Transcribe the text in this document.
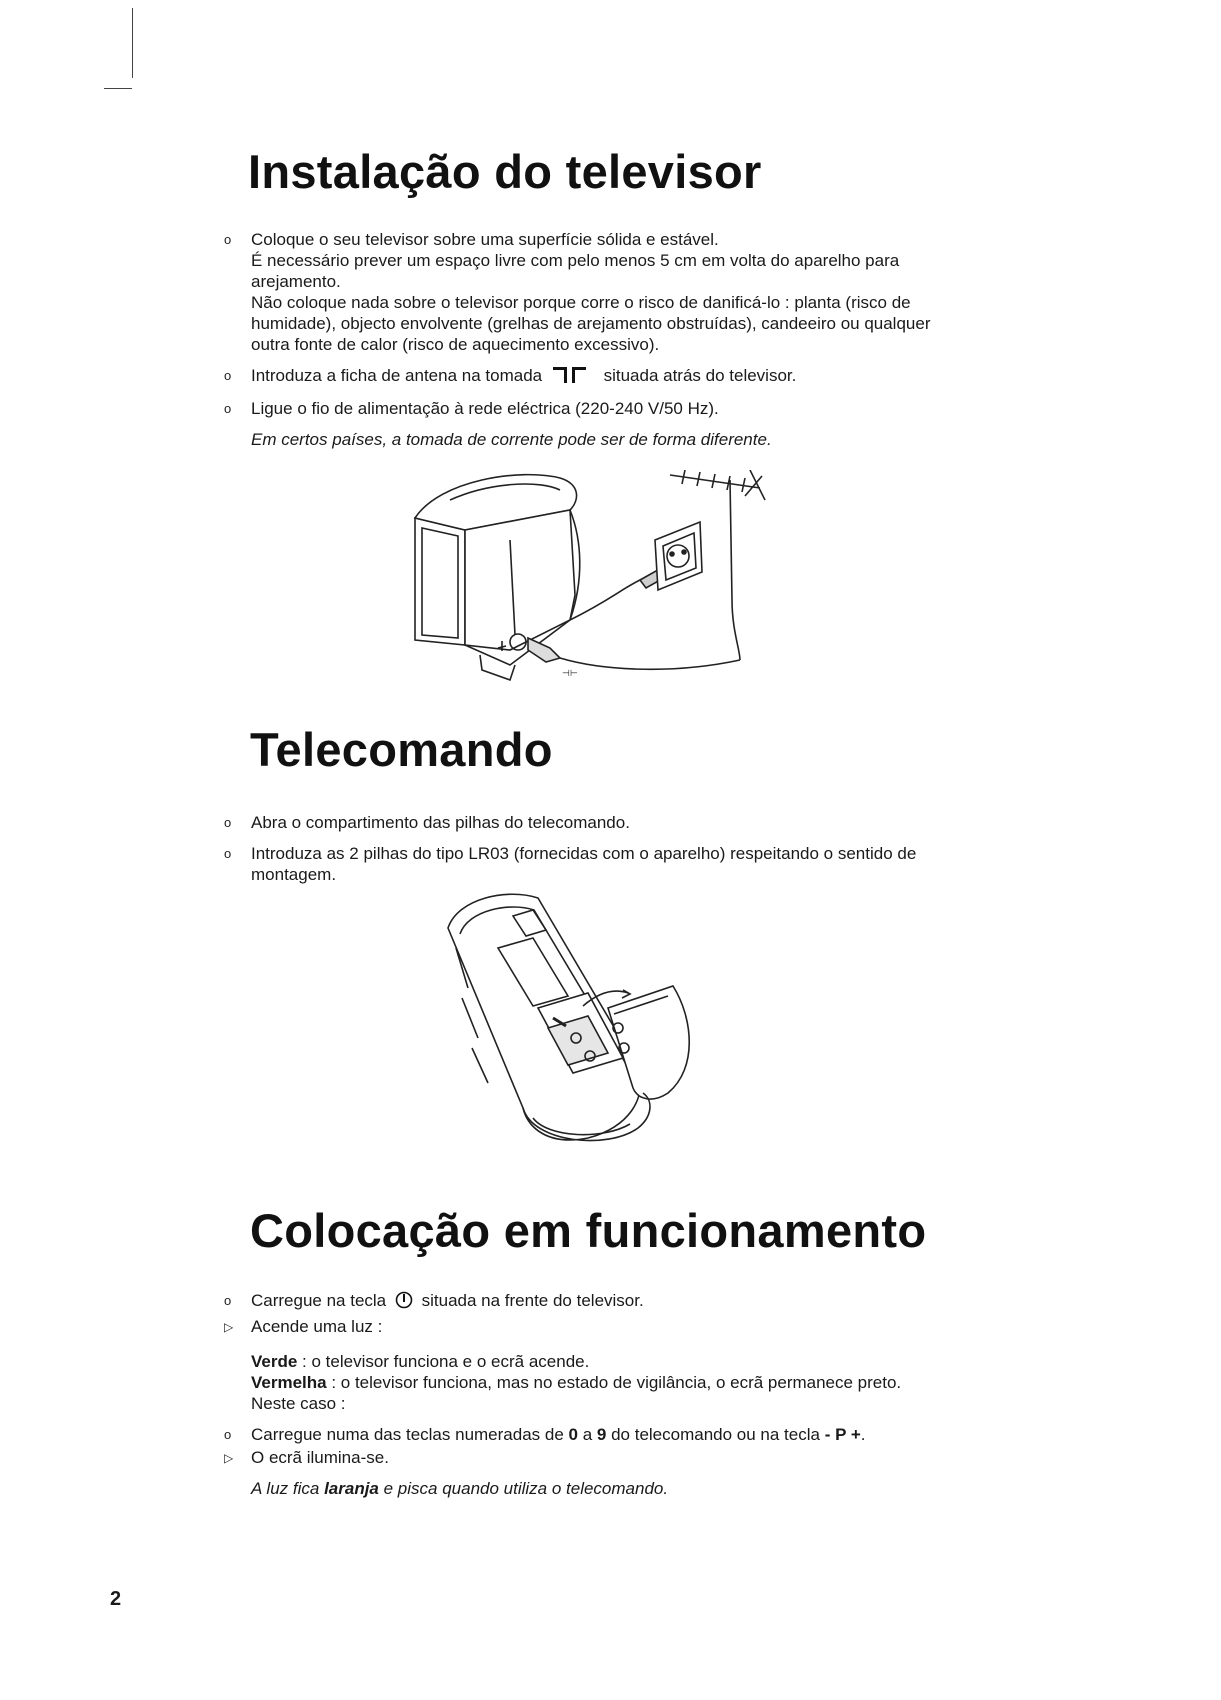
Instalação do televisor
o	Coloque o seu televisor sobre uma superfície sólida e estável.

É necessário prever um espaço livre com pelo menos 5 cm em volta do aparelho para arejamento.

Não coloque nada sobre o televisor porque corre o risco de danificá-lo : planta (risco de humidade), objecto envolvente (grelhas de arejamento obstruídas), candeeiro ou qualquer outra fonte de calor (risco de aquecimento excessivo).

o	Introduza a ficha de antena na tomada	situada atrás do televisor.
o	Ligue o fio de alimentação à rede eléctrica (220-240 V/50 Hz).

Em certos países, a tomada de corrente pode ser de forma diferente.

⊣⊢
Telecomando
o	Abra o compartimento das pilhas do telecomando.
o	Introduza as 2 pilhas do tipo LR03 (fornecidas com o aparelho) respeitando o sentido de montagem.
Colocação em funcionamento
o	Carregue na tecla situada na frente do televisor.
▷	Acende uma luz :

Verde : o televisor funciona e o ecrã acende.

Vermelha : o televisor funciona, mas no estado de vigilância, o ecrã permanece preto.

Neste caso :

o	Carregue numa das teclas numeradas de 0 a 9 do telecomando ou na tecla - P +.
▷	O ecrã ilumina-se.

A luz fica laranja e pisca quando utiliza o telecomando.

2
